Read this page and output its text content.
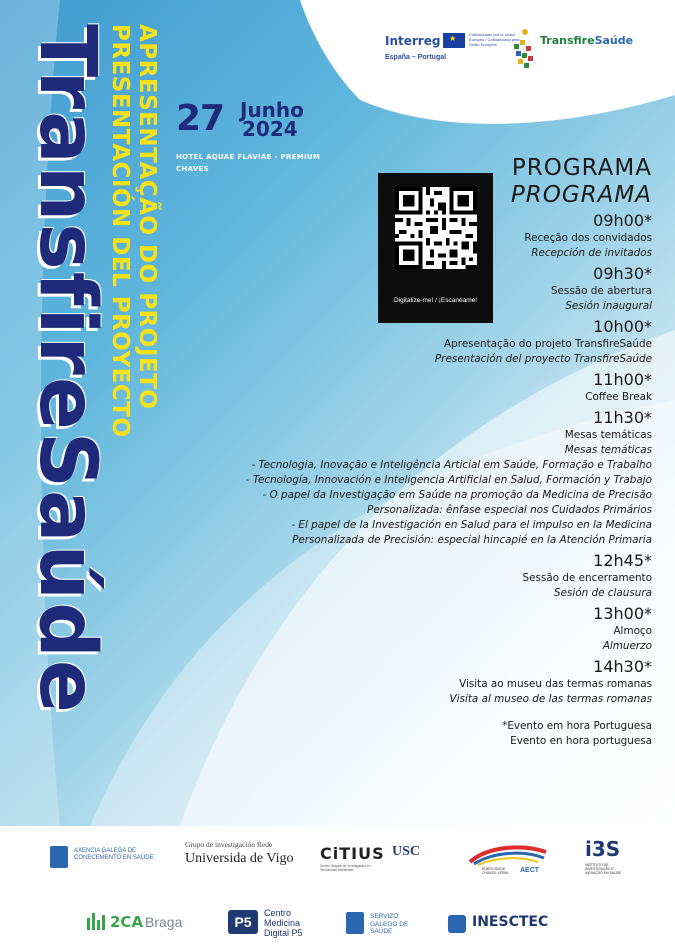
TransfireSaúde APRESENTAÇÃO DO PROJETO
PRESENTACIÓN DEL PROYECTO 27 Junho
2024
HOTEL AQUAE FLAVIAE - PREMIUM
CHAVES
Interreg ★	Cofinanciado por la Unión Europea / Cofinanciado pela União Europeia
España – Portugal
TransfireSaúde
Digitalize-me! / ¡Escanéame!
PROGRAMA
PROGRAMA
09h00*
Receção dos convidados
Recepción de invitados
09h30*
Sessão de abertura
Sesión inaugural
10h00*
Apresentação do projeto TransfireSaúde
Presentación del proyecto TransfireSaúde
11h00*
Coffee Break
11h30*
Mesas temáticas
Mesas temáticas
- Tecnologia, Inovação e Inteligência Articial em Saúde, Formação e Trabalho
- Tecnología, Innovación e Inteligencia Artificial en Salud, Formación y Trabajo
- O papel da Investigação em Saúde na promoção da Medicina de Precisão
Personalizada: ênfase especial nos Cuidados Primários
- El papel de la Investigación en Salud para el impulso en la Medicina
Personalizada de Precisión: especial hincapié en la Atención Primaria
12h45*
Sessão de encerramento
Sesión de clausura
13h00*
Almoço
Almuerzo
14h30*
Visita ao museu das termas romanas
Visita al museo de las termas romanas
*Evento em hora Portuguesa
Evento en hora portuguesa
AXENCIA GALEGA DE CONECEMENTO EN SAÚDE
Grupo de investigación Rede
Universida de Vigo	CiTIUS
Centro Singular de Investigación en Tecnoloxías Intelixentes
USC
EUROCIDADE CHAVES-VERÍN	AECT
i3S
INSTITUTO DE INVESTIGAÇÃO E INOVAÇÃO EM SAÚDE
2CA Braga	P5
Centro
Medicina
Digital P5
SERVIZO GALEGO DE SAÚDE
INESCTEC
